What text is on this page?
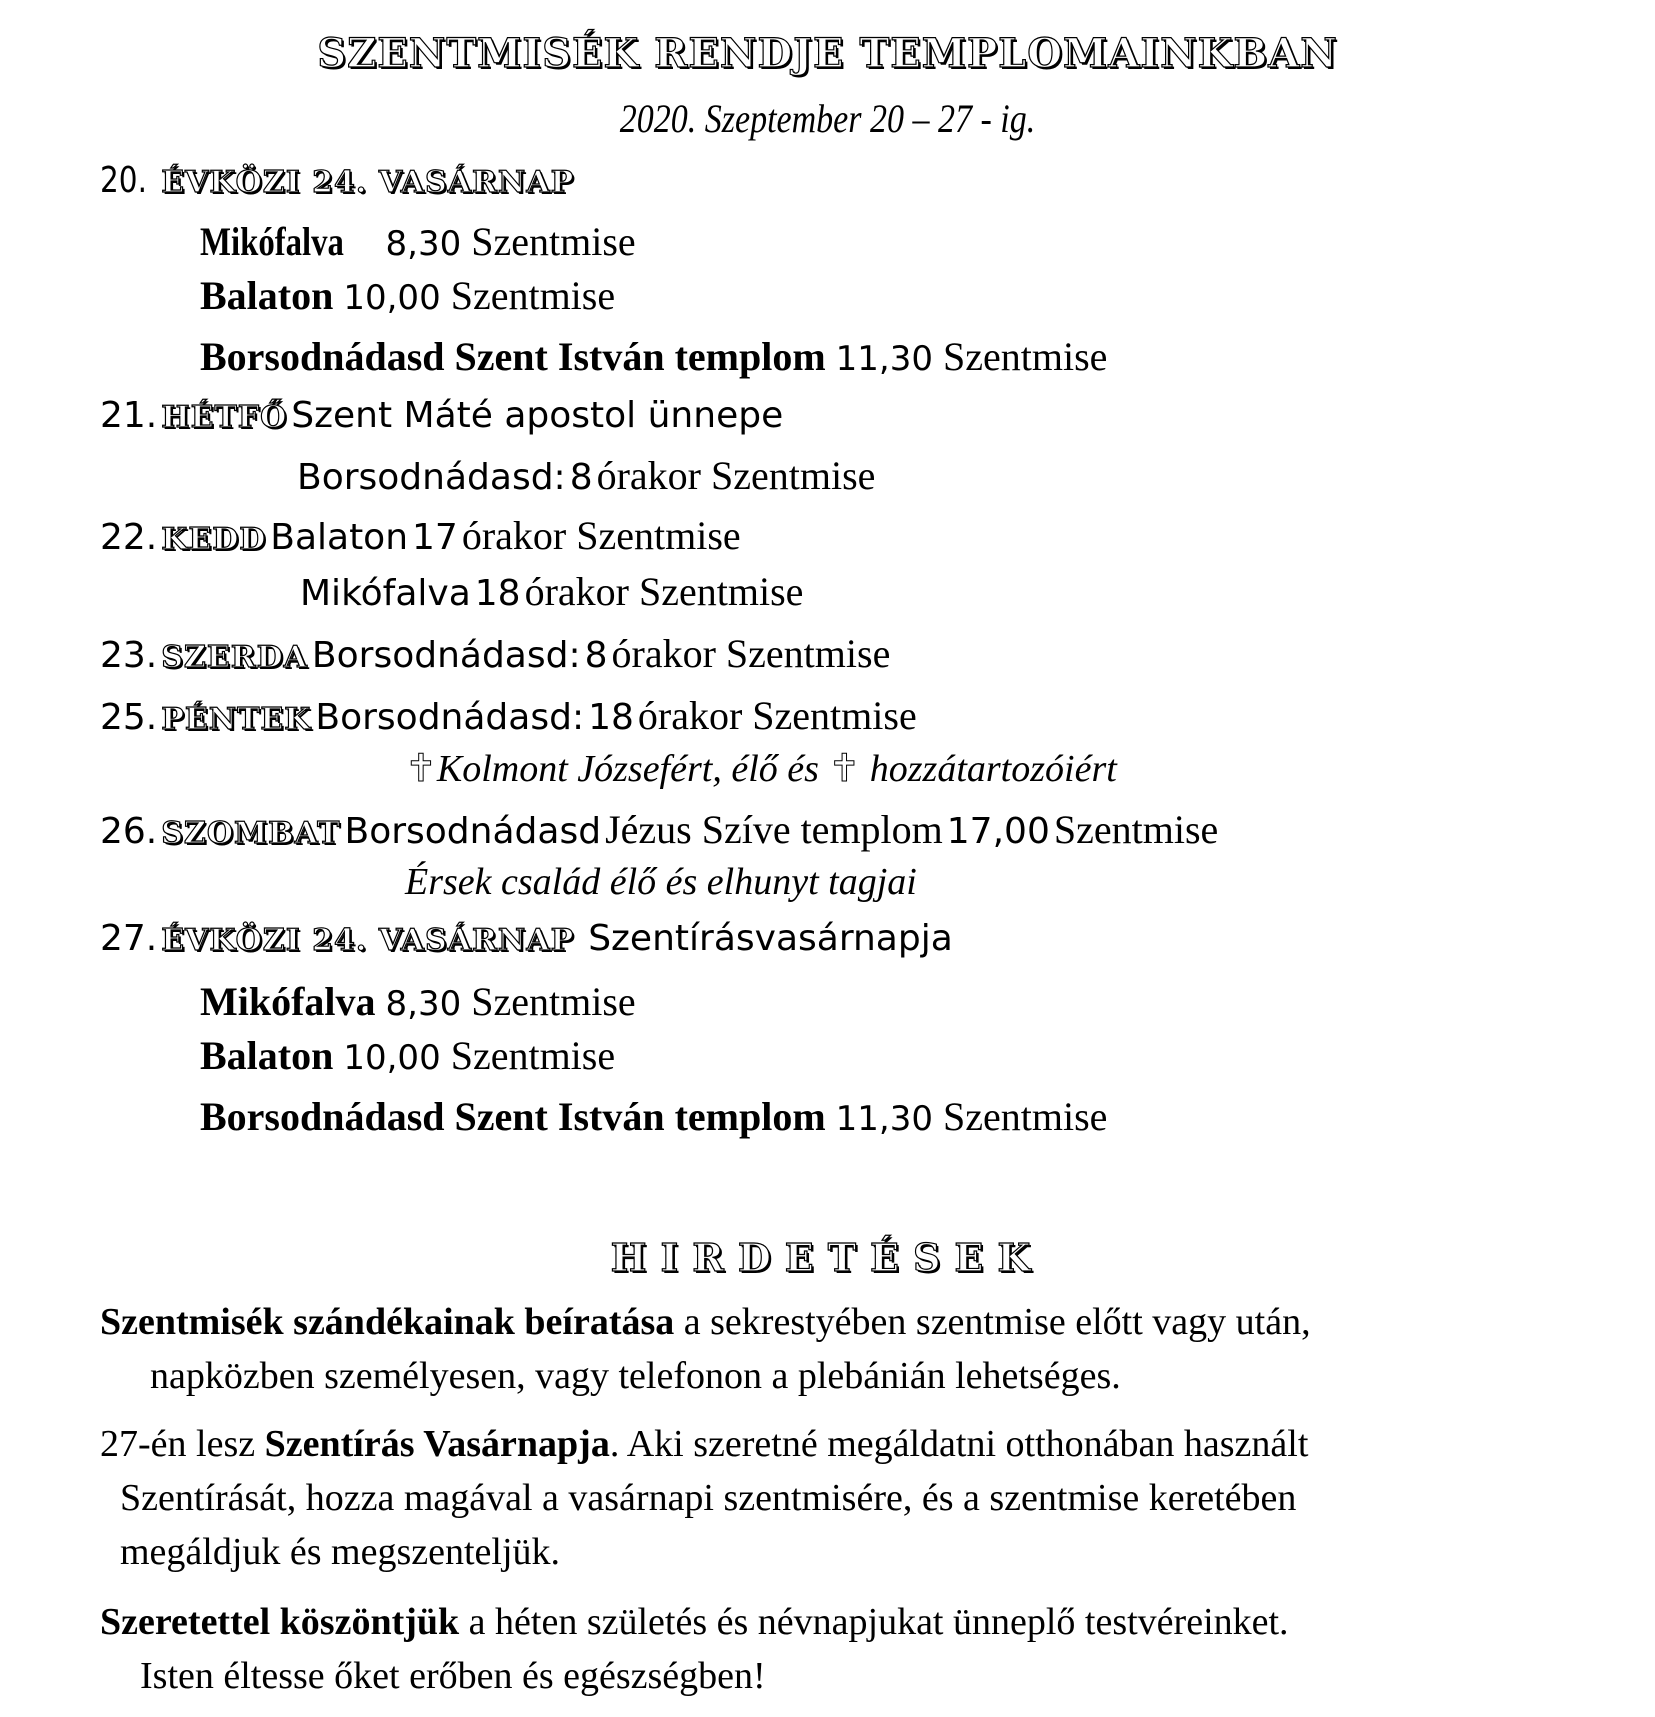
SZENTMISÉK RENDJE TEMPLOMAINKBAN
2020. Szeptember 20 – 27 - ig.
20. ÉVKÖZI 24. VASÁRNAP
Mikófalva 8,30 Szentmise
Balaton 10,00 Szentmise
Borsodnádasd Szent István templom 11,30 Szentmise
21. HÉTFŐ Szent Máté apostol ünnepe
Borsodnádasd: 8 órakor Szentmise
22. KEDD Balaton 17 órakor Szentmise
Mikófalva 18 órakor Szentmise
23. SZERDA Borsodnádasd: 8 órakor Szentmise
25. PÉNTEK Borsodnádasd: 18 órakor Szentmise
✝Kolmont Józsefért, élő és ✝ hozzátartozóiért
26. SZOMBAT Borsodnádasd Jézus Szíve templom 17,00 Szentmise
Érsek család élő és elhunyt tagjai
27. ÉVKÖZI 24. VASÁRNAP Szentírásvasárnapja
Mikófalva 8,30 Szentmise
Balaton 10,00 Szentmise
Borsodnádasd Szent István templom 11,30 Szentmise
HIRDETÉSEK
Szentmisék szándékainak beíratása a sekrestyében szentmise előtt vagy után,
napközben személyesen, vagy telefonon a plebánián lehetséges.
27-én lesz Szentírás Vasárnapja. Aki szeretné megáldatni otthonában használt
Szentírását, hozza magával a vasárnapi szentmisére, és a szentmise keretében
megáldjuk és megszenteljük.
Szeretettel köszöntjük a héten születés és névnapjukat ünneplő testvéreinket.
Isten éltesse őket erőben és egészségben!
